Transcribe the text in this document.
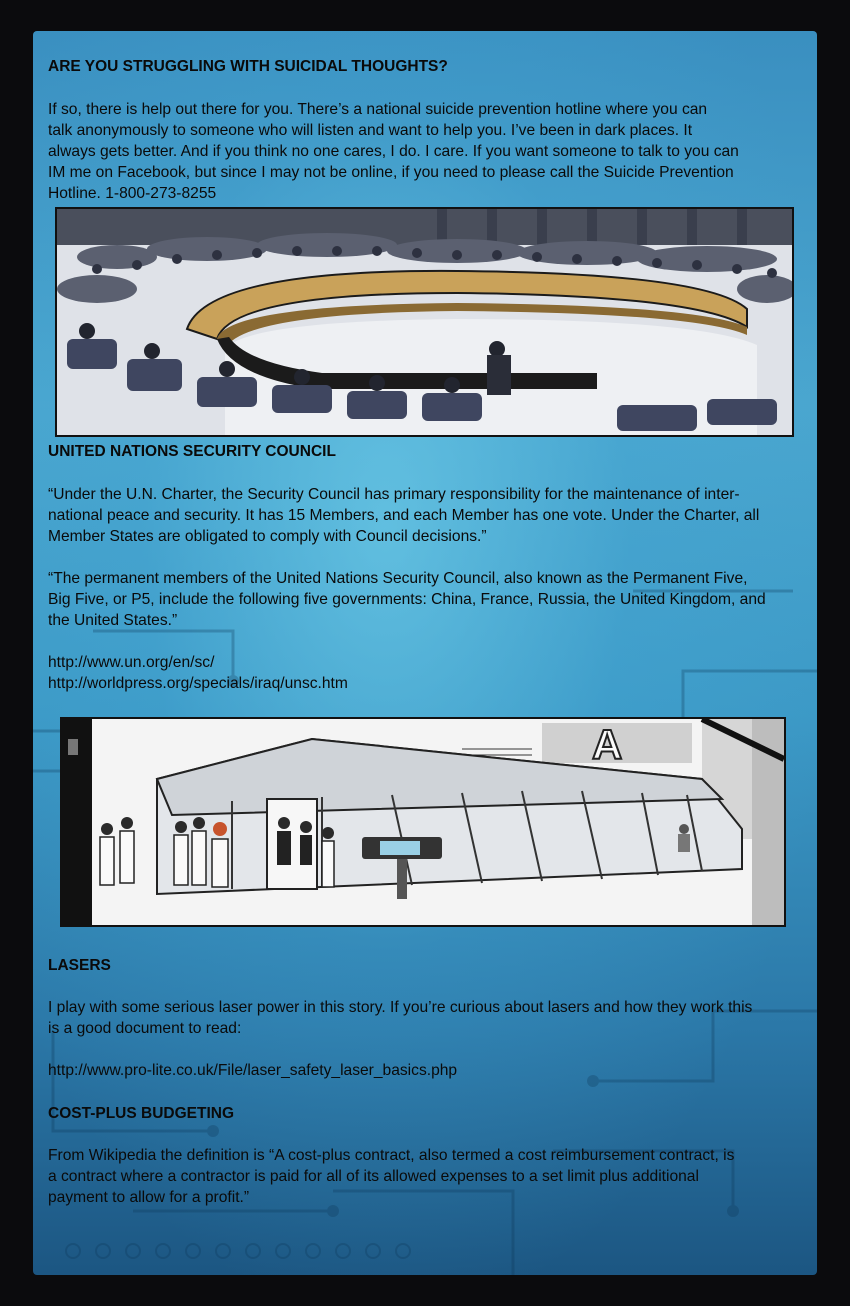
ARE YOU STRUGGLING WITH SUICIDAL THOUGHTS?
If so, there is help out there for you. There’s a national suicide prevention hotline where you can
talk anonymously to someone who will listen and want to help you. I’ve been in dark places. It
always gets better. And if you think no one cares, I do. I care. If you want someone to talk to you can
IM me on Facebook, but since I may not be online, if you need to please call the Suicide Prevention
Hotline. 1-800-273-8255
UNITED NATIONS SECURITY COUNCIL
“Under the U.N. Charter, the Security Council has primary responsibility for the maintenance of inter-
national peace and security. It has 15 Members, and each Member has one vote. Under the Charter, all
Member States are obligated to comply with Council decisions.”
“The permanent members of the United Nations Security Council, also known as the Permanent Five,
Big Five, or P5, include the following five governments: China, France, Russia, the United Kingdom, and
the United States.”
http://www.un.org/en/sc/
http://worldpress.org/specials/iraq/unsc.htm
A
LASERS
I play with some serious laser power in this story. If you’re curious about lasers and how they work this
is a good document to read:
http://www.pro-lite.co.uk/File/laser_safety_laser_basics.php
COST-PLUS BUDGETING
From Wikipedia the definition is “A cost-plus contract, also termed a cost reimbursement contract, is
a contract where a contractor is paid for all of its allowed expenses to a set limit plus additional
payment to allow for a profit.”
